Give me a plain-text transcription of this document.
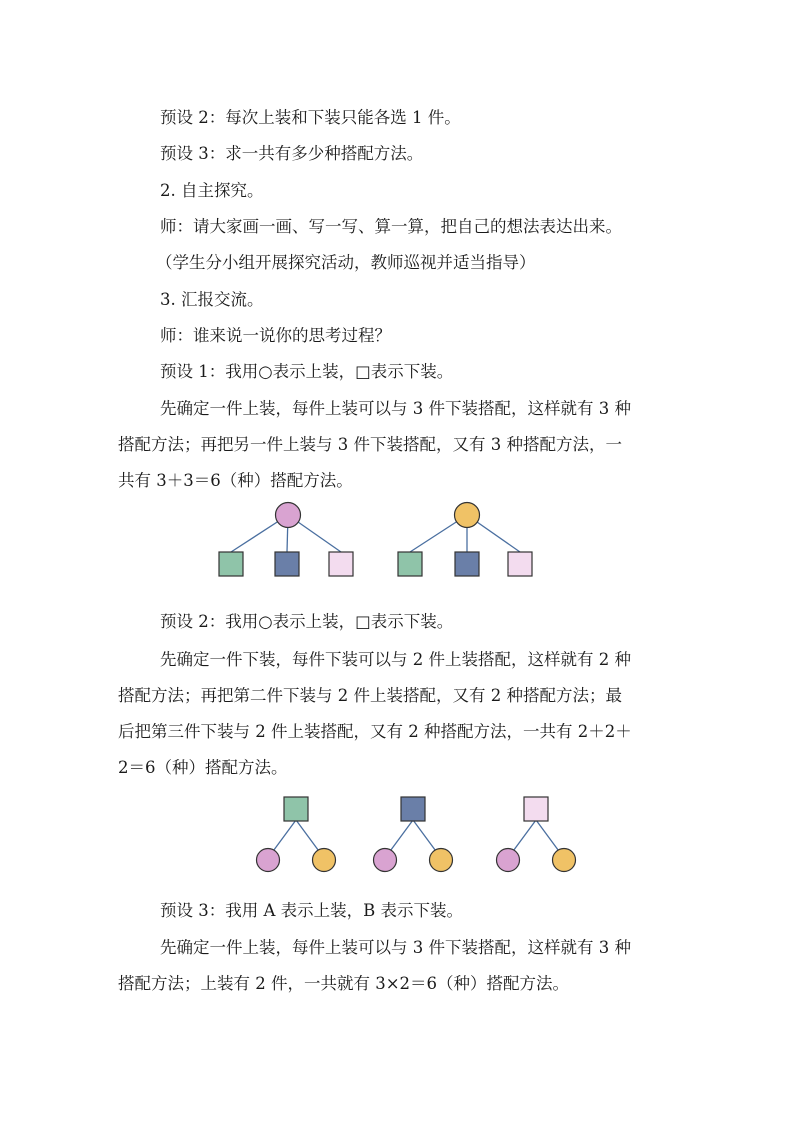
预设 2：每次上装和下装只能各选 1 件。

预设 3：求一共有多少种搭配方法。

2. 自主探究。

师：请大家画一画、写一写、算一算，把自己的想法表达出来。

（学生分小组开展探究活动，教师巡视并适当指导）

3. 汇报交流。

师：谁来说一说你的思考过程？

预设 1：我用○表示上装，□表示下装。

先确定一件上装，每件上装可以与 3 件下装搭配，这样就有 3 种

搭配方法；再把另一件上装与 3 件下装搭配，又有 3 种搭配方法，一

共有 3＋3＝6（种）搭配方法。

预设 2：我用○表示上装，□表示下装。

先确定一件下装，每件下装可以与 2 件上装搭配，这样就有 2 种

搭配方法；再把第二件下装与 2 件上装搭配，又有 2 种搭配方法；最

后把第三件下装与 2 件上装搭配，又有 2 种搭配方法，一共有 2＋2＋

2＝6（种）搭配方法。

预设 3：我用 A 表示上装，B 表示下装。

先确定一件上装，每件上装可以与 3 件下装搭配，这样就有 3 种

搭配方法；上装有 2 件，一共就有 3×2＝6（种）搭配方法。
